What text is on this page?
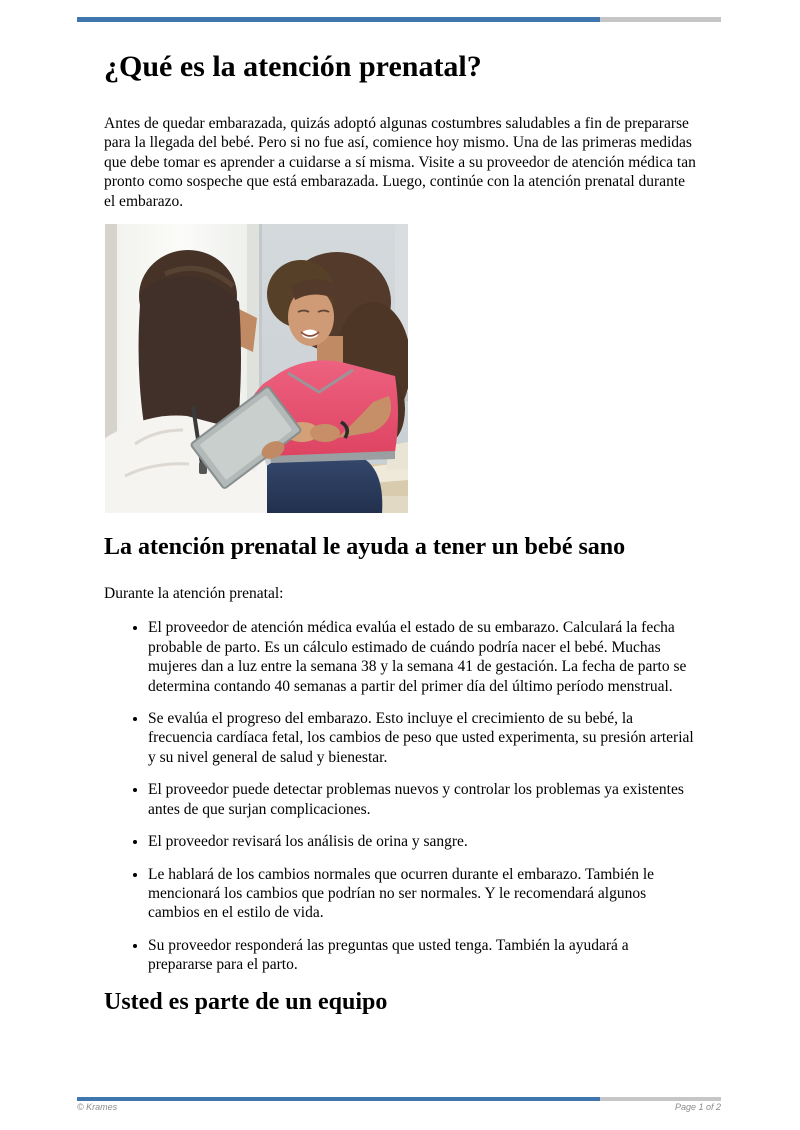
¿Qué es la atención prenatal?

Antes de quedar embarazada, quizás adoptó algunas costumbres saludables a fin de prepararse para la llegada del bebé. Pero si no fue así, comience hoy mismo. Una de las primeras medidas que debe tomar es aprender a cuidarse a sí misma. Visite a su proveedor de atención médica tan pronto como sospeche que está embarazada. Luego, continúe con la atención prenatal durante el embarazo.

La atención prenatal le ayuda a tener un bebé sano

Durante la atención prenatal:

• El proveedor de atención médica evalúa el estado de su embarazo. Calculará la fecha probable de parto. Es un cálculo estimado de cuándo podría nacer el bebé. Muchas mujeres dan a luz entre la semana 38 y la semana 41 de gestación. La fecha de parto se determina contando 40 semanas a partir del primer día del último período menstrual.
• Se evalúa el progreso del embarazo. Esto incluye el crecimiento de su bebé, la frecuencia cardíaca fetal, los cambios de peso que usted experimenta, su presión arterial y su nivel general de salud y bienestar.
• El proveedor puede detectar problemas nuevos y controlar los problemas ya existentes antes de que surjan complicaciones.
• El proveedor revisará los análisis de orina y sangre.
• Le hablará de los cambios normales que ocurren durante el embarazo. También le mencionará los cambios que podrían no ser normales. Y le recomendará algunos cambios en el estilo de vida.
• Su proveedor responderá las preguntas que usted tenga. También la ayudará a prepararse para el parto.
Usted es parte de un equipo
© Krames	Page 1 of 2
